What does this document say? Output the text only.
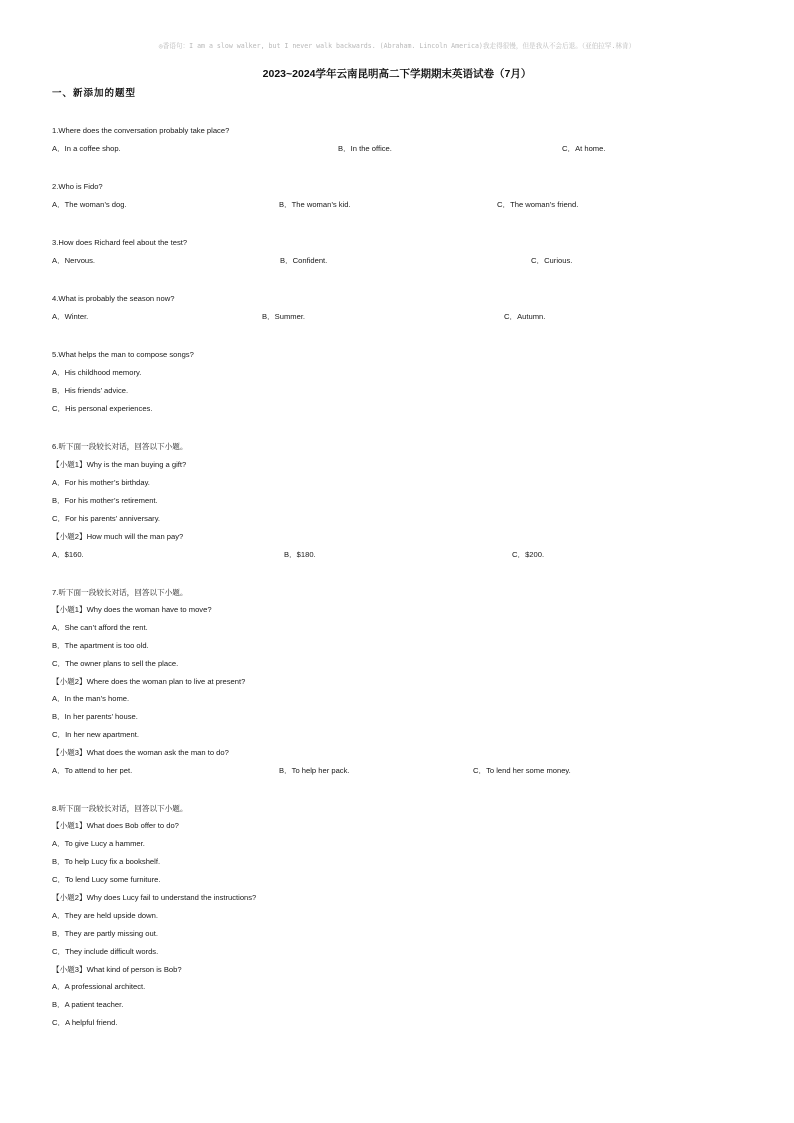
◎香语句：I am a slow walker, but I never walk backwards. (Abraham. Lincoln America)我走得很慢，但是我从不会后退。（亚伯拉罕.林肯）
2023~2024学年云南昆明高二下学期期末英语试卷（7月）
一、新添加的题型
1.Where does the conversation probably take place?
A．In a coffee shop.	B．In the office.	C．At home.
2.Who is Fido?
A．The woman’s dog.	B．The woman’s kid.	C．The woman’s friend.
3.How does Richard feel about the test?
A．Nervous.	B．Confident.	C．Curious.
4.What is probably the season now?
A．Winter.	B．Summer.	C．Autumn.
5.What helps the man to compose songs?
A．His childhood memory.
B．His friends’ advice.
C．His personal experiences.
6.听下面一段较长对话，回答以下小题。
【小题1】Why is the man buying a gift?
A．For his mother’s birthday.
B．For his mother’s retirement.
C．For his parents’ anniversary.
【小题2】How much will the man pay?
A．$160.	B．$180.	C．$200.
7.听下面一段较长对话，回答以下小题。
【小题1】Why does the woman have to move?
A．She can’t afford the rent.
B．The apartment is too old.
C．The owner plans to sell the place.
【小题2】Where does the woman plan to live at present?
A．In the man’s home.
B．In her parents’ house.
C．In her new apartment.
【小题3】What does the woman ask the man to do?
A．To attend to her pet.	B．To help her pack.	C．To lend her some money.
8.听下面一段较长对话，回答以下小题。
【小题1】What does Bob offer to do?
A．To give Lucy a hammer.
B．To help Lucy fix a bookshelf.
C．To lend Lucy some furniture.
【小题2】Why does Lucy fail to understand the instructions?
A．They are held upside down.
B．They are partly missing out.
C．They include difficult words.
【小题3】What kind of person is Bob?
A．A professional architect.
B．A patient teacher.
C．A helpful friend.
